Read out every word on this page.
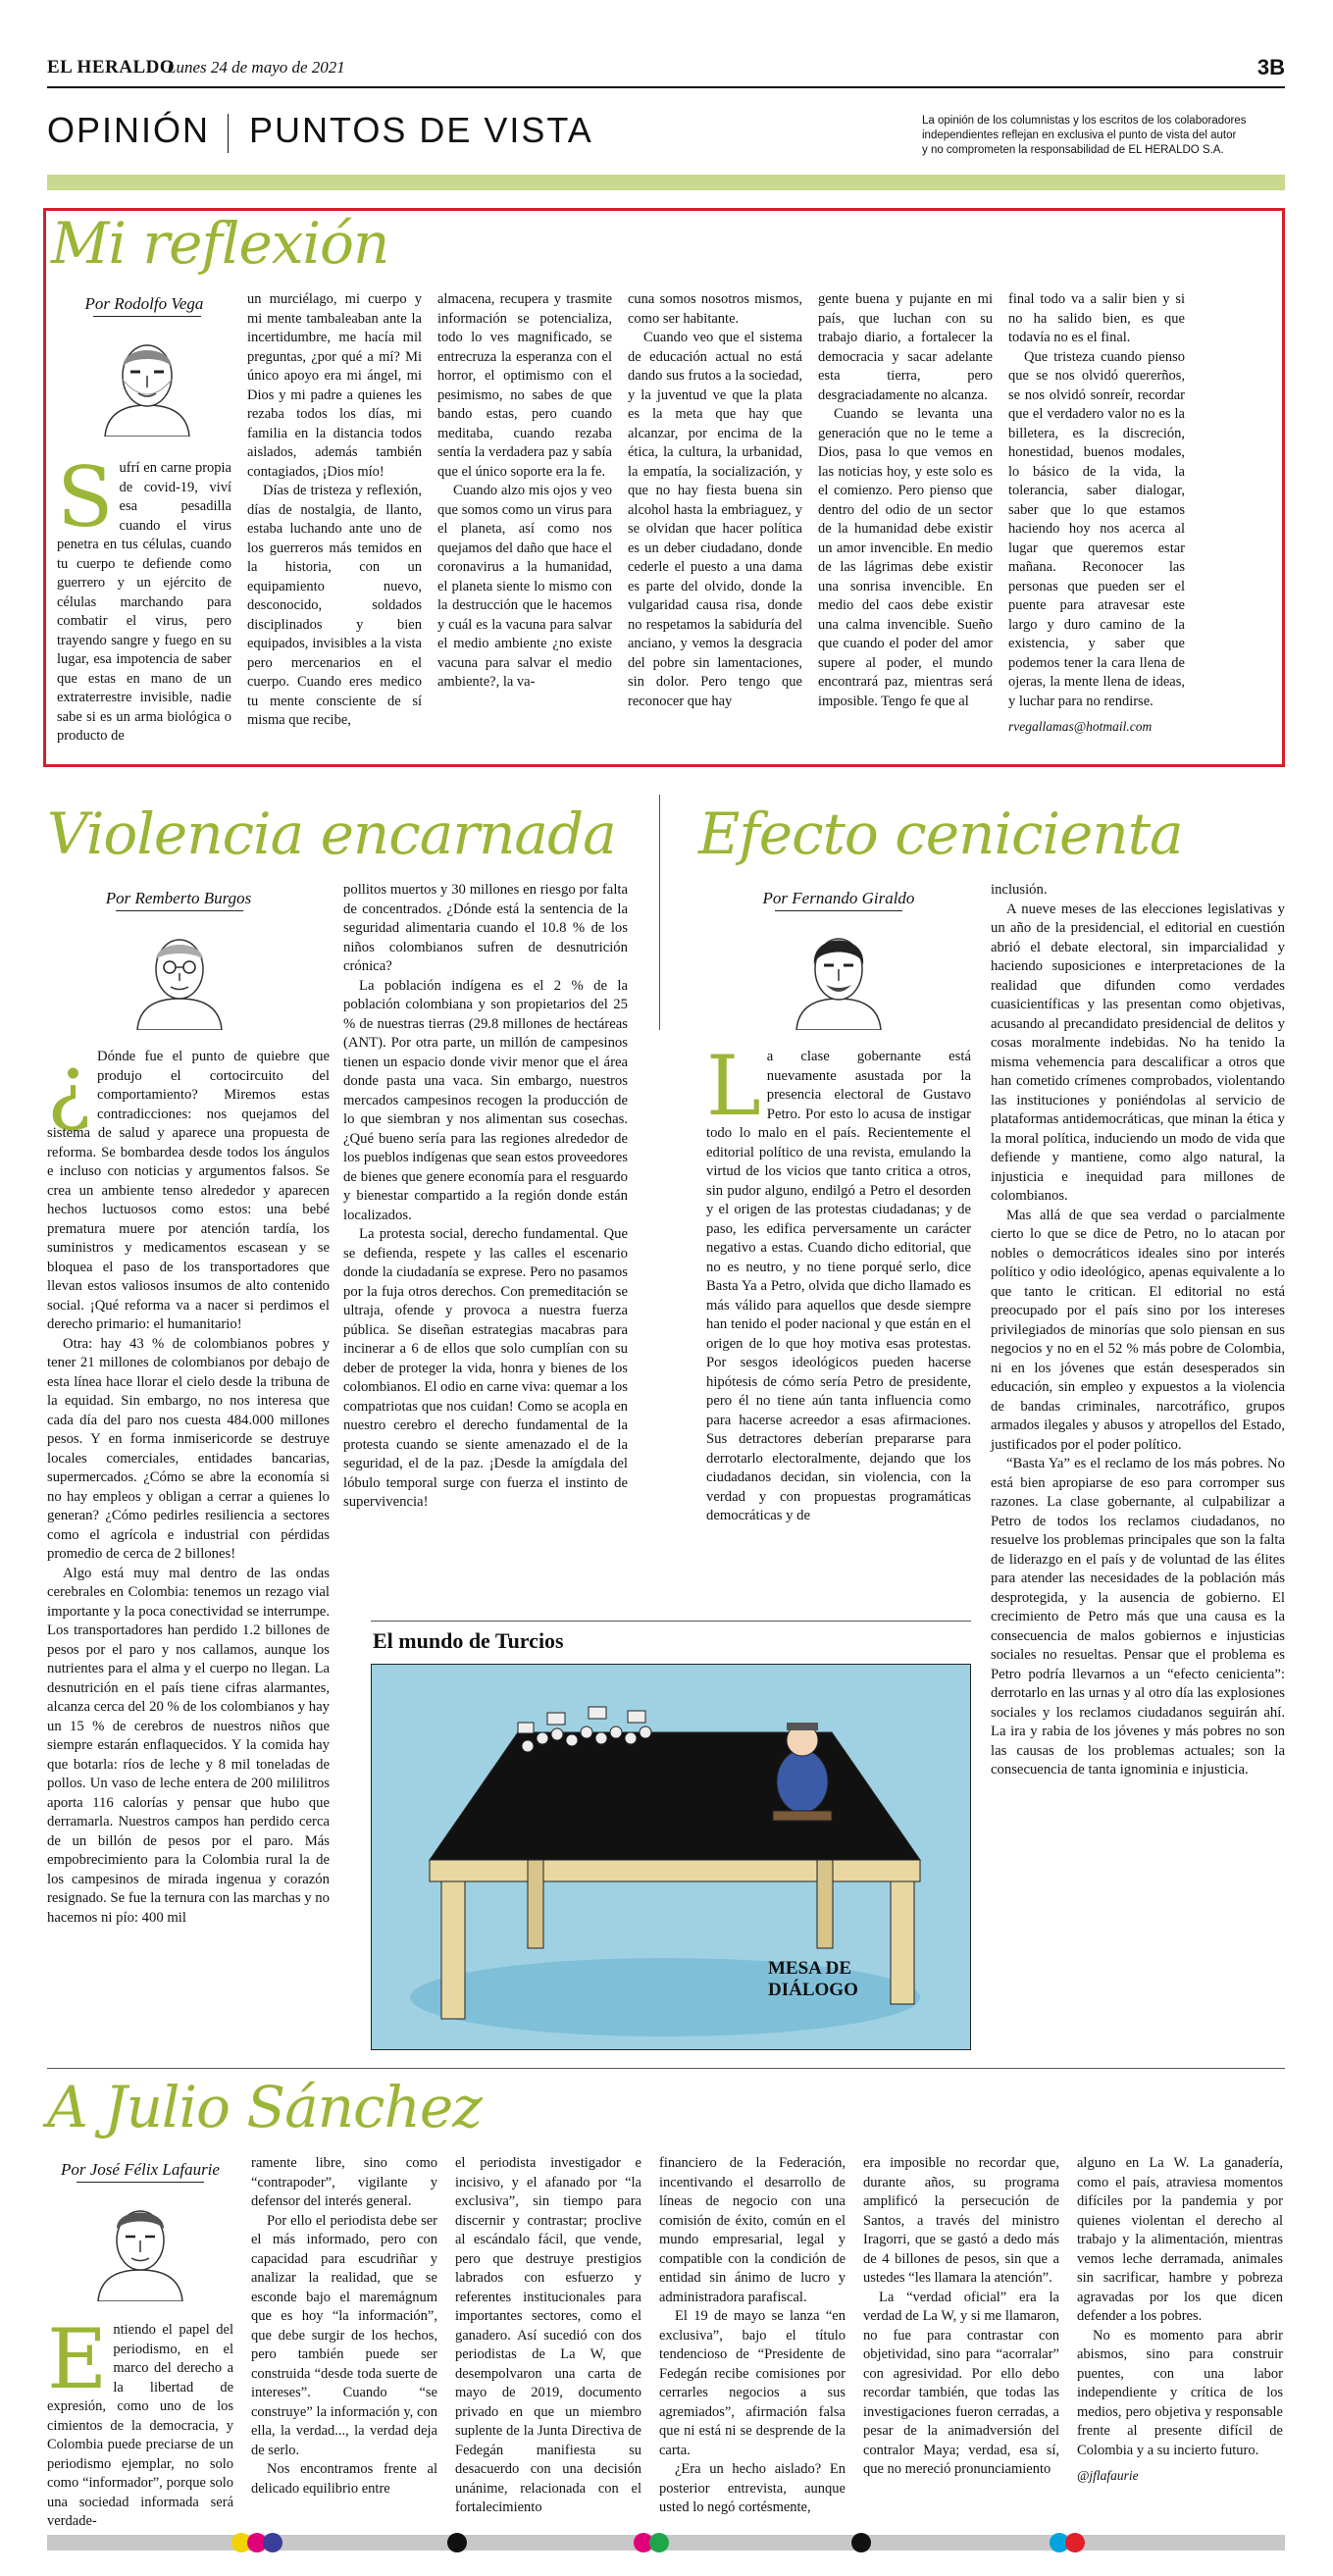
EL HERALDO
Lunes 24 de mayo de 2021	3B
OPINIÓN PUNTOS DE VISTA	La opinión de los columnistas y los escritos de los colaboradores
independientes reflejan en exclusiva el punto de vista del autor
y no comprometen la responsabilidad de EL HERALDO S.A.
Mi reflexión
Por Rodolfo Vega
S ufrí en carne propia de covid-19, viví esa pesadilla cuando el virus penetra en tus células, cuando tu cuerpo te defiende como guerrero y un ejército de células marchando para combatir el virus, pero trayendo sangre y fuego en su lugar, esa impotencia de saber que estas en mano de un extraterrestre invisible, nadie sabe si es un arma biológica o producto de

un murciélago, mi cuerpo y mi mente tambaleaban ante la incertidumbre, me hacía mil preguntas, ¿por qué a mí? Mi único apoyo era mi ángel, mi Dios y mi padre a quienes les rezaba todos los días, mi familia en la distancia todos aislados, además también contagiados, ¡Dios mío!

Días de tristeza y reflexión, días de nostalgia, de llanto, estaba luchando ante uno de los guerreros más temidos en la historia, con un equipamiento nuevo, desconocido, soldados disciplinados y bien equipados, invisibles a la vista pero mercenarios en el cuerpo. Cuando eres medico tu mente consciente de sí misma que recibe,

almacena, recupera y trasmite información se potencializa, todo lo ves magnificado, se entrecruza la esperanza con el horror, el optimismo con el pesimismo, no sabes de que bando estas, pero cuando meditaba, cuando rezaba sentía la verdadera paz y sabía que el único soporte era la fe.

Cuando alzo mis ojos y veo que somos como un virus para el planeta, así como nos quejamos del daño que hace el coronavirus a la humanidad, el planeta siente lo mismo con la destrucción que le hacemos y cuál es la vacuna para salvar el medio ambiente ¿no existe vacuna para salvar el medio ambiente?, la va-

cuna somos nosotros mismos, como ser habitante.

Cuando veo que el sistema de educación actual no está dando sus frutos a la sociedad, y la juventud ve que la plata es la meta que hay que alcanzar, por encima de la ética, la cultura, la urbanidad, la empatía, la socialización, y que no hay fiesta buena sin alcohol hasta la embriaguez, y se olvidan que hacer política es un deber ciudadano, donde cederle el puesto a una dama es parte del olvido, donde la vulgaridad causa risa, donde no respetamos la sabiduría del anciano, y vemos la desgracia del pobre sin lamentaciones, sin dolor. Pero tengo que reconocer que hay

gente buena y pujante en mi país, que luchan con su trabajo diario, a fortalecer la democracia y sacar adelante esta tierra, pero desgraciadamente no alcanza.

Cuando se levanta una generación que no le teme a Dios, pasa lo que vemos en las noticias hoy, y este solo es el comienzo. Pero pienso que dentro del odio de un sector de la humanidad debe existir un amor invencible. En medio de las lágrimas debe existir una sonrisa invencible. En medio del caos debe existir una calma invencible. Sueño que cuando el poder del amor supere al poder, el mundo encontrará paz, mientras será imposible. Tengo fe que al

final todo va a salir bien y si no ha salido bien, es que todavía no es el final.

Que tristeza cuando pienso que se nos olvidó quererños, se nos olvidó sonreír, recordar que el verdadero valor no es la billetera, es la discreción, honestidad, buenos modales, lo básico de la vida, la tolerancia, saber dialogar, saber que lo que estamos haciendo hoy nos acerca al lugar que queremos estar mañana. Reconocer las personas que pueden ser el puente para atravesar este largo y duro camino de la existencia, y saber que podemos tener la cara llena de ojeras, la mente llena de ideas, y luchar para no rendirse.

rvegallamas@hotmail.com

Violencia encarnada
Por Remberto Burgos
¿ Dónde fue el punto de quiebre que produjo el cortocircuito del comportamiento? Miremos estas contradicciones: nos quejamos del sistema de salud y aparece una propuesta de reforma. Se bombardea desde todos los ángulos e incluso con noticias y argumentos falsos. Se crea un ambiente tenso alrededor y aparecen hechos luctuosos como estos: una bebé prematura muere por atención tardía, los suministros y medicamentos escasean y se bloquea el paso de los transportadores que llevan estos valiosos insumos de alto contenido social. ¡Qué reforma va a nacer si perdimos el derecho primario: el humanitario!

Otra: hay 43 % de colombianos pobres y tener 21 millones de colombianos por debajo de esta línea hace llorar el cielo desde la tribuna de la equidad. Sin embargo, no nos interesa que cada día del paro nos cuesta 484.000 millones pesos. Y en forma inmisericorde se destruye locales comerciales, entidades bancarias, supermercados. ¿Cómo se abre la economía si no hay empleos y obligan a cerrar a quienes lo generan? ¿Cómo pedirles resiliencia a sectores como el agrícola e industrial con pérdidas promedio de cerca de 2 billones!

Algo está muy mal dentro de las ondas cerebrales en Colombia: tenemos un rezago vial importante y la poca conectividad se interrumpe. Los transportadores han perdido 1.2 billones de pesos por el paro y nos callamos, aunque los nutrientes para el alma y el cuerpo no llegan. La desnutrición en el país tiene cifras alarmantes, alcanza cerca del 20 % de los colombianos y hay un 15 % de cerebros de nuestros niños que siempre estarán enflaquecidos. Y la comida hay que botarla: ríos de leche y 8 mil toneladas de pollos. Un vaso de leche entera de 200 mililitros aporta 116 calorías y pensar que hubo que derramarla. Nuestros campos han perdido cerca de un billón de pesos por el paro. Más empobrecimiento para la Colombia rural la de los campesinos de mirada ingenua y corazón resignado. Se fue la ternura con las marchas y no hacemos ni pío: 400 mil

pollitos muertos y 30 millones en riesgo por falta de concentrados. ¿Dónde está la sentencia de la seguridad alimentaria cuando el 10.8 % de los niños colombianos sufren de desnutrición crónica?

La población indígena es el 2 % de la población colombiana y son propietarios del 25 % de nuestras tierras (29.8 millones de hectáreas (ANT). Por otra parte, un millón de campesinos tienen un espacio donde vivir menor que el área donde pasta una vaca. Sin embargo, nuestros mercados campesinos recogen la producción de lo que siembran y nos alimentan sus cosechas. ¿Qué bueno sería para las regiones alrededor de los pueblos indígenas que sean estos proveedores de bienes que genere economía para el resguardo y bienestar compartido a la región donde están localizados.

La protesta social, derecho fundamental. Que se defienda, respete y las calles el escenario donde la ciudadanía se exprese. Pero no pasamos por la fuja otros derechos. Con premeditación se ultraja, ofende y provoca a nuestra fuerza pública. Se diseñan estrategias macabras para incinerar a 6 de ellos que solo cumplían con su deber de proteger la vida, honra y bienes de los colombianos. El odio en carne viva: quemar a los compatriotas que nos cuidan! Como se acopla en nuestro cerebro el derecho fundamental de la protesta cuando se siente amenazado el de la seguridad, el de la paz. ¡Desde la amígdala del lóbulo temporal surge con fuerza el instinto de supervivencia!

Efecto cenicienta
Por Fernando Giraldo
L a clase gobernante está nuevamente asustada por la presencia electoral de Gustavo Petro. Por esto lo acusa de instigar todo lo malo en el país. Recientemente el editorial político de una revista, emulando la virtud de los vicios que tanto critica a otros, sin pudor alguno, endilgó a Petro el desorden y el origen de las protestas ciudadanas; y de paso, les edifica perversamente un carácter negativo a estas. Cuando dicho editorial, que no es neutro, y no tiene porqué serlo, dice Basta Ya a Petro, olvida que dicho llamado es más válido para aquellos que desde siempre han tenido el poder nacional y que están en el origen de lo que hoy motiva esas protestas. Por sesgos ideológicos pueden hacerse hipótesis de cómo sería Petro de presidente, pero él no tiene aún tanta influencia como para hacerse acreedor a esas afirmaciones. Sus detractores deberían prepararse para derrotarlo electoralmente, dejando que los ciudadanos decidan, sin violencia, con la verdad y con propuestas programáticas democráticas y de

inclusión.

A nueve meses de las elecciones legislativas y un año de la presidencial, el editorial en cuestión abrió el debate electoral, sin imparcialidad y haciendo suposiciones e interpretaciones de la realidad que difunden como verdades cuasicientíficas y las presentan como objetivas, acusando al precandidato presidencial de delitos y cosas moralmente indebidas. No ha tenido la misma vehemencia para descalificar a otros que han cometido crímenes comprobados, violentando las instituciones y poniéndolas al servicio de plataformas antidemocráticas, que minan la ética y la moral política, induciendo un modo de vida que defiende y mantiene, como algo natural, la injusticia e inequidad para millones de colombianos.

Mas allá de que sea verdad o parcialmente cierto lo que se dice de Petro, no lo atacan por nobles o democráticos ideales sino por interés político y odio ideológico, apenas equivalente a lo que tanto le critican. El editorial no está preocupado por el país sino por los intereses privilegiados de minorías que solo piensan en sus negocios y no en el 52 % más pobre de Colombia, ni en los jóvenes que están desesperados sin educación, sin empleo y expuestos a la violencia de bandas criminales, narcotráfico, grupos armados ilegales y abusos y atropellos del Estado, justificados por el poder político.

“Basta Ya” es el reclamo de los más pobres. No está bien apropiarse de eso para corromper sus razones. La clase gobernante, al culpabilizar a Petro de todos los reclamos ciudadanos, no resuelve los problemas principales que son la falta de liderazgo en el país y de voluntad de las élites para atender las necesidades de la población más desprotegida, y la ausencia de gobierno. El crecimiento de Petro más que una causa es la consecuencia de malos gobiernos e injusticias sociales no resueltas. Pensar que el problema es Petro podría llevarnos a un “efecto cenicienta”: derrotarlo en las urnas y al otro día las explosiones sociales y los reclamos ciudadanos seguirán ahí. La ira y rabia de los jóvenes y más pobres no son las causas de los problemas actuales; son la consecuencia de tanta ignominia e injusticia.

El mundo de Turcios
MESA DE
DIÁLOGO
A Julio Sánchez
Por José Félix Lafaurie
E ntiendo el papel del periodismo, en el marco del derecho a la libertad de expresión, como uno de los cimientos de la democracia, y Colombia puede preciarse de un periodismo ejemplar, no solo como “informador”, porque solo una sociedad informada será verdade-

ramente libre, sino como “contrapoder”, vigilante y defensor del interés general.

Por ello el periodista debe ser el más informado, pero con capacidad para escudriñar y analizar la realidad, que se esconde bajo el maremágnum que es hoy “la información”, que debe surgir de los hechos, pero también puede ser construida “desde toda suerte de intereses”. Cuando “se construye” la información y, con ella, la verdad..., la verdad deja de serlo.

Nos encontramos frente al delicado equilibrio entre

el periodista investigador e incisivo, y el afanado por “la exclusiva”, sin tiempo para discernir y contrastar; proclive al escándalo fácil, que vende, pero que destruye prestigios labrados con esfuerzo y referentes institucionales para importantes sectores, como el ganadero. Así sucedió con dos periodistas de La W, que desempolvaron una carta de mayo de 2019, documento privado en que un miembro suplente de la Junta Directiva de Fedegán manifiesta su desacuerdo con una decisión unánime, relacionada con el fortalecimiento

financiero de la Federación, incentivando el desarrollo de líneas de negocio con una comisión de éxito, común en el mundo empresarial, legal y compatible con la condición de entidad sin ánimo de lucro y administradora parafiscal.

El 19 de mayo se lanza “en exclusiva”, bajo el título tendencioso de “Presidente de Fedegán recibe comisiones por cerrarles negocios a sus agremiados”, afirmación falsa que ni está ni se desprende de la carta.

¿Era un hecho aislado? En posterior entrevista, aunque usted lo negó cortésmente,

era imposible no recordar que, durante años, su programa amplificó la persecución de Santos, a través del ministro Iragorri, que se gastó a dedo más de 4 billones de pesos, sin que a ustedes “les llamara la atención”.

La “verdad oficial” era la verdad de La W, y si me llamaron, no fue para contrastar con objetividad, sino para “acorralar” con agresividad. Por ello debo recordar también, que todas las investigaciones fueron cerradas, a pesar de la animadversión del contralor Maya; verdad, esa sí, que no mereció pronunciamiento

alguno en La W. La ganadería, como el país, atraviesa momentos difíciles por la pandemia y por quienes violentan el derecho al trabajo y la alimentación, mientras vemos leche derramada, animales sin sacrificar, hambre y pobreza agravadas por los que dicen defender a los pobres.

No es momento para abrir abismos, sino para construir puentes, con una labor independiente y crítica de los medios, pero objetiva y responsable frente al presente difícil de Colombia y a su incierto futuro.

@jflafaurie
